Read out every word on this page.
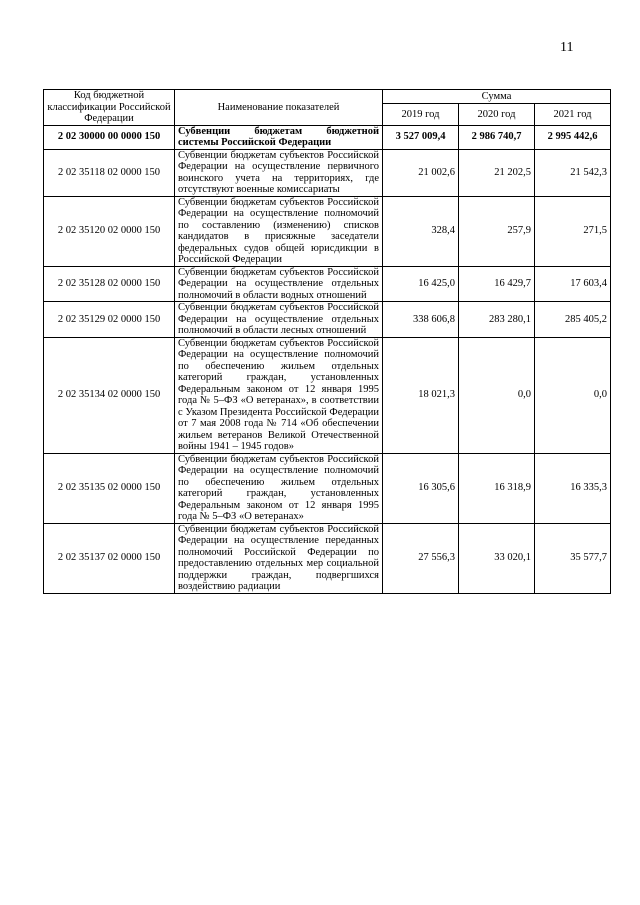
11
Код бюджетной классификации Российской Федерации	Наименование показателей	Сумма		
		2019 год	2020 год	2021 год
2 02 30000 00 0000 150	Субвенции бюджетам бюджетной системы Российской Федерации	3 527 009,4	2 986 740,7	2 995 442,6
2 02 35118 02 0000 150	Субвенции бюджетам субъектов Российской Федерации на осуществление первичного воинского учета на территориях, где отсутствуют военные комиссариаты	21 002,6	21 202,5	21 542,3
2 02 35120 02 0000 150	Субвенции бюджетам субъектов Российской Федерации на осуществление полномочий по составлению (изменению) списков кандидатов в присяжные заседатели федеральных судов общей юрисдикции в Российской Федерации	328,4	257,9	271,5
2 02 35128 02 0000 150	Субвенции бюджетам субъектов Российской Федерации на осуществление отдельных полномочий в области водных отношений	16 425,0	16 429,7	17 603,4
2 02 35129 02 0000 150	Субвенции бюджетам субъектов Российской Федерации на осуществление отдельных полномочий в области лесных отношений	338 606,8	283 280,1	285 405,2
2 02 35134 02 0000 150	Субвенции бюджетам субъектов Российской Федерации на осуществление полномочий по обеспечению жильем отдельных категорий граждан, установленных Федеральным законом от 12 января 1995 года № 5–ФЗ «О ветеранах», в соответствии с Указом Президента Российской Федерации от 7 мая 2008 года № 714 «Об обеспечении жильем ветеранов Великой Отечественной войны 1941 – 1945 годов»	18 021,3	0,0	0,0
2 02 35135 02 0000 150	Субвенции бюджетам субъектов Российской Федерации на осуществление полномочий по обеспечению жильем отдельных категорий граждан, установленных Федеральным законом от 12 января 1995 года № 5–ФЗ «О ветеранах»	16 305,6	16 318,9	16 335,3
2 02 35137 02 0000 150	Субвенции бюджетам субъектов Российской Федерации на осуществление переданных полномочий Российской Федерации по предоставлению отдельных мер социальной поддержки граждан, подвергшихся воздействию радиации	27 556,3	33 020,1	35 577,7
